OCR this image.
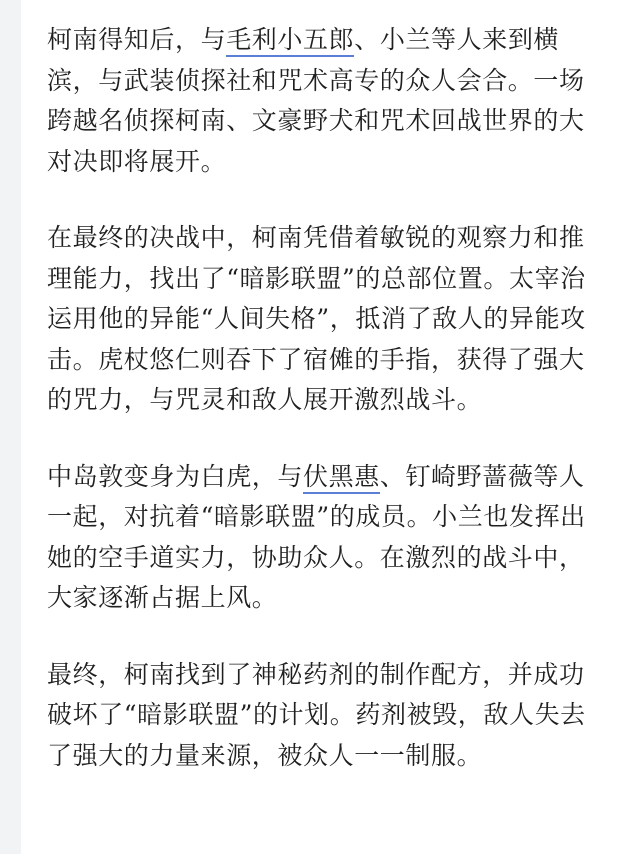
柯南得知后，与毛利小五郎、小兰等人来到横滨，与武装侦探社和咒术高专的众人会合。一场跨越名侦探柯南、文豪野犬和咒术回战世界的大对决即将展开。

在最终的决战中，柯南凭借着敏锐的观察力和推理能力，找出了“暗影联盟”的总部位置。太宰治运用他的异能“人间失格”，抵消了敌人的异能攻击。虎杖悠仁则吞下了宿傩的手指，获得了强大的咒力，与咒灵和敌人展开激烈战斗。

中岛敦变身为白虎，与伏黑惠、钉崎野蔷薇等人一起，对抗着“暗影联盟”的成员。小兰也发挥出她的空手道实力，协助众人。在激烈的战斗中，大家逐渐占据上风。

最终，柯南找到了神秘药剂的制作配方，并成功破坏了“暗影联盟”的计划。药剂被毁，敌人失去了强大的力量来源，被众人一一制服。
